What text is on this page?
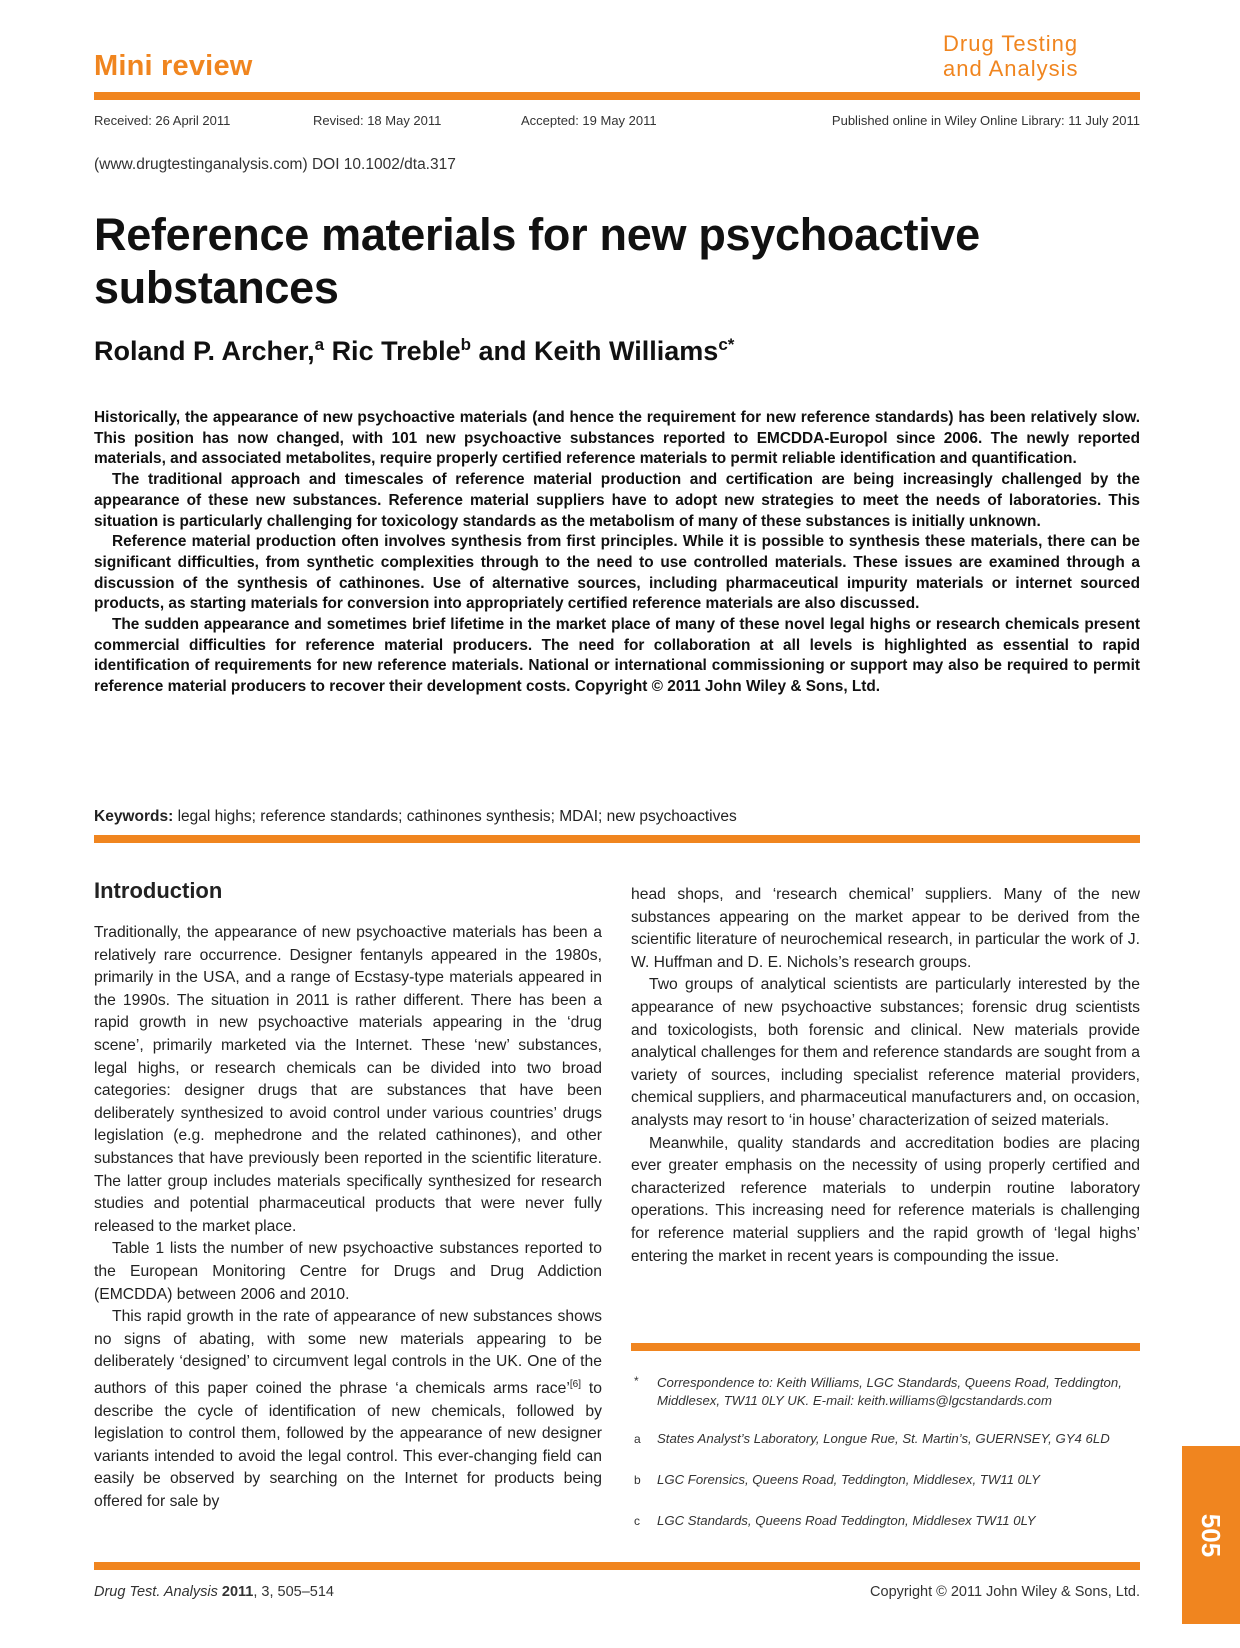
Mini review
Drug Testing
and Analysis
Received: 26 April 2011	Revised: 18 May 2011	Accepted: 19 May 2011	Published online in Wiley Online Library: 11 July 2011
(www.drugtestinganalysis.com) DOI 10.1002/dta.317
Reference materials for new psychoactive substances
Roland P. Archer,$^a$ Ric Treble$^b$ and Keith Williams$^{c*}$

Historically, the appearance of new psychoactive materials (and hence the requirement for new reference standards) has been relatively slow. This position has now changed, with 101 new psychoactive substances reported to EMCDDA-Europol since 2006. The newly reported materials, and associated metabolites, require properly certified reference materials to permit reliable identification and quantification.

The traditional approach and timescales of reference material production and certification are being increasingly challenged by the appearance of these new substances. Reference material suppliers have to adopt new strategies to meet the needs of laboratories. This situation is particularly challenging for toxicology standards as the metabolism of many of these substances is initially unknown.

Reference material production often involves synthesis from first principles. While it is possible to synthesis these materials, there can be significant difficulties, from synthetic complexities through to the need to use controlled materials. These issues are examined through a discussion of the synthesis of cathinones. Use of alternative sources, including pharmaceutical impurity materials or internet sourced products, as starting materials for conversion into appropriately certified reference materials are also discussed.

The sudden appearance and sometimes brief lifetime in the market place of many of these novel legal highs or research chemicals present commercial difficulties for reference material producers. The need for collaboration at all levels is highlighted as essential to rapid identification of requirements for new reference materials. National or international commissioning or support may also be required to permit reference material producers to recover their development costs. Copyright © 2011 John Wiley & Sons, Ltd.

Keywords: legal highs; reference standards; cathinones synthesis; MDAI; new psychoactives
Introduction

Traditionally, the appearance of new psychoactive materials has been a relatively rare occurrence. Designer fentanyls appeared in the 1980s, primarily in the USA, and a range of Ecstasy-type materials appeared in the 1990s. The situation in 2011 is rather different. There has been a rapid growth in new psychoactive materials appearing in the ‘drug scene’, primarily marketed via the Internet. These ‘new’ substances, legal highs, or research chemicals can be divided into two broad categories: designer drugs that are substances that have been deliberately synthesized to avoid control under various countries’ drugs legislation (e.g. mephedrone and the related cathinones), and other substances that have previously been reported in the scientific literature. The latter group includes materials specifically synthesized for research studies and potential pharmaceutical products that were never fully released to the market place.

Table 1 lists the number of new psychoactive substances reported to the European Monitoring Centre for Drugs and Drug Addiction (EMCDDA) between 2006 and 2010.

This rapid growth in the rate of appearance of new substances shows no signs of abating, with some new materials appearing to be deliberately ‘designed’ to circumvent legal controls in the UK. One of the authors of this paper coined the phrase ‘a chemicals arms race’[6] to describe the cycle of identification of new chemicals, followed by legislation to control them, followed by the appearance of new designer variants intended to avoid the legal control. This ever-changing field can easily be observed by searching on the Internet for products being offered for sale by

head shops, and ‘research chemical’ suppliers. Many of the new substances appearing on the market appear to be derived from the scientific literature of neurochemical research, in particular the work of J. W. Huffman and D. E. Nichols’s research groups.

Two groups of analytical scientists are particularly interested by the appearance of new psychoactive substances; forensic drug scientists and toxicologists, both forensic and clinical. New materials provide analytical challenges for them and reference standards are sought from a variety of sources, including specialist reference material providers, chemical suppliers, and pharmaceutical manufacturers and, on occasion, analysts may resort to ‘in house’ characterization of seized materials.

Meanwhile, quality standards and accreditation bodies are placing ever greater emphasis on the necessity of using properly certified and characterized reference materials to underpin routine laboratory operations. This increasing need for reference materials is challenging for reference material suppliers and the rapid growth of ‘legal highs’ entering the market in recent years is compounding the issue.

* Correspondence to: Keith Williams, LGC Standards, Queens Road, Teddington, Middlesex, TW11 0LY UK. E-mail: keith.williams@lgcstandards.com
a States Analyst’s Laboratory, Longue Rue, St. Martin’s, GUERNSEY, GY4 6LD
b LGC Forensics, Queens Road, Teddington, Middlesex, TW11 0LY
c LGC Standards, Queens Road Teddington, Middlesex TW11 0LY	505
Drug Test. Analysis 2011, 3, 505–514	Copyright © 2011 John Wiley & Sons, Ltd.
